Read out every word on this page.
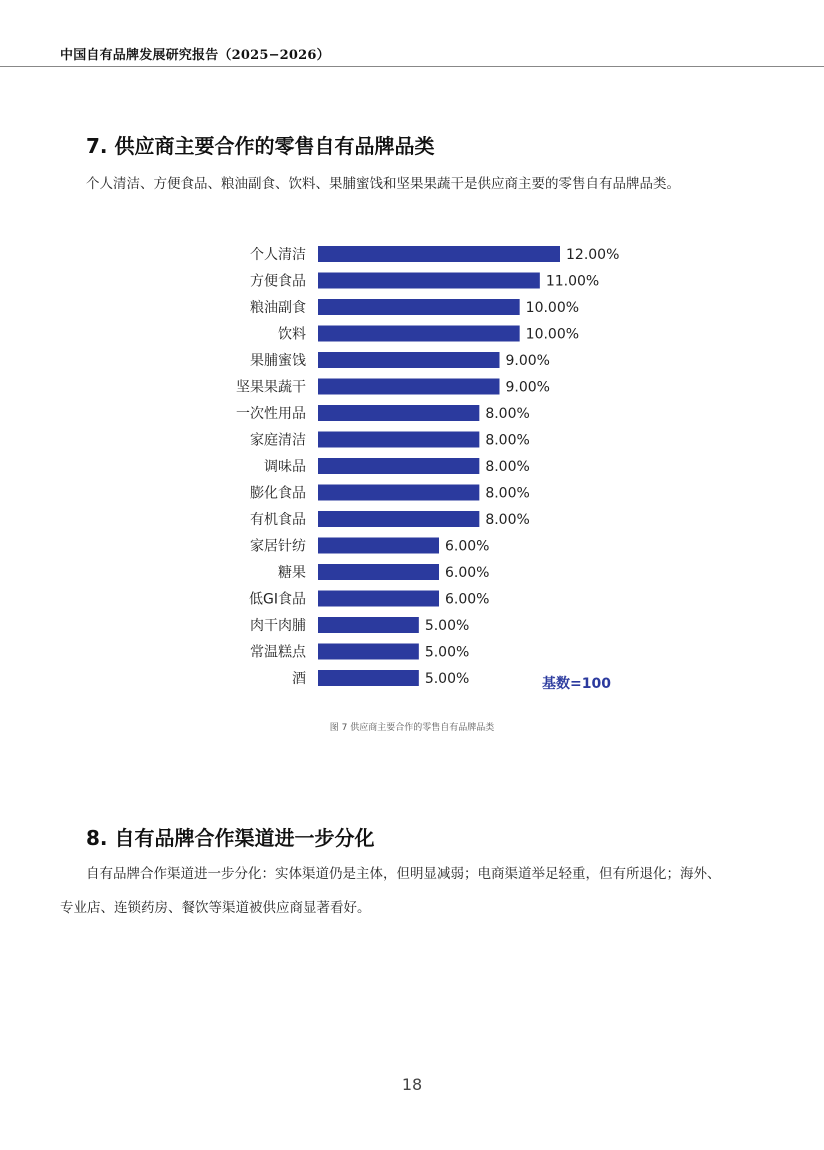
中国自有品牌发展研究报告（2025−2026）
7. 供应商主要合作的零售自有品牌品类

个人清洁、方便食品、粮油副食、饮料、果脯蜜饯和坚果果蔬干是供应商主要的零售自有品牌品类。

个人清洁	12.00%
方便食品	11.00%
粮油副食	10.00%
饮料	10.00%
果脯蜜饯	9.00%
坚果果蔬干	9.00%
一次性用品	8.00%
家庭清洁	8.00%
调味品	8.00%
膨化食品	8.00%
有机食品	8.00%
家居针纺	6.00%
糖果	6.00%
低GI食品	6.00%
肉干肉脯	5.00%
常温糕点	5.00%
酒	5.00%	基数=100
图 7 供应商主要合作的零售自有品牌品类
8. 自有品牌合作渠道进一步分化

自有品牌合作渠道进一步分化：实体渠道仍是主体，但明显减弱；电商渠道举足轻重，但有所退化；海外、

专业店、连锁药房、餐饮等渠道被供应商显著看好。

18
